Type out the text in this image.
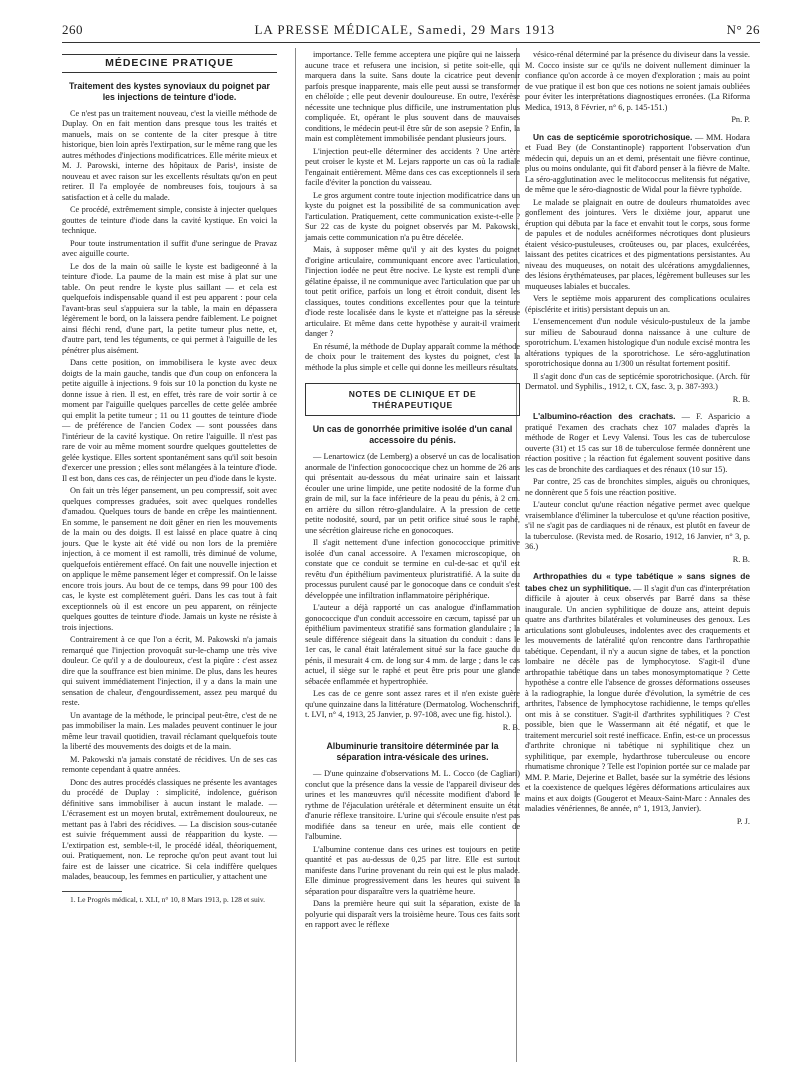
260	LA PRESSE MÉDICALE, Samedi, 29 Mars 1913	N° 26
MÉDECINE PRATIQUE
Traitement des kystes synoviaux du poignet par les injections de teinture d'iode.

Ce n'est pas un traitement nouveau, c'est la vieille méthode de Duplay. On en fait mention dans presque tous les traités et manuels, mais on se contente de la citer presque à titre historique, bien loin après l'extirpation, sur le même rang que les autres méthodes d'injections modificatrices. Elle mérite mieux et M. J. Parowski, interne des hôpitaux de Paris¹, insiste de nouveau et avec raison sur les excellents résultats qu'on en peut retirer. Il l'a employée de nombreuses fois, toujours à sa satisfaction et à celle du malade.

Ce procédé, extrêmement simple, consiste à injecter quelques gouttes de teinture d'iode dans la cavité kystique. En voici la technique.

Pour toute instrumentation il suffit d'une seringue de Pravaz avec aiguille courte.

Le dos de la main où saille le kyste est badigeonné à la teinture d'iode. La paume de la main est mise à plat sur une table. On peut rendre le kyste plus saillant — et cela est quelquefois indispensable quand il est peu apparent : pour cela l'avant-bras seul s'appuiera sur la table, la main en dépassera légèrement le bord, on la laissera pendre faiblement. Le poignet ainsi fléchi rend, d'une part, la petite tumeur plus nette, et, d'autre part, tend les téguments, ce qui permet à l'aiguille de les pénétrer plus aisément.

Dans cette position, on immobilisera le kyste avec deux doigts de la main gauche, tandis que d'un coup on enfoncera la petite aiguille à injections. 9 fois sur 10 la ponction du kyste ne donne issue à rien. Il est, en effet, très rare de voir sortir à ce moment par l'aiguille quelques parcelles de cette gelée ambrée qui emplit la petite tumeur ; 11 ou 11 gouttes de teinture d'iode — de préférence de l'ancien Codex — sont poussées dans l'intérieur de la cavité kystique. On retire l'aiguille. Il n'est pas rare de voir au même moment sourdre quelques gouttelettes de gelée kystique. Elles sortent spontanément sans qu'il soit besoin d'exercer une pression ; elles sont mélangées à la teinture d'iode. Il est bon, dans ces cas, de réinjecter un peu d'iode dans le kyste.

On fait un très léger pansement, un peu compressif, soit avec quelques compresses graduées, soit avec quelques rondelles d'amadou. Quelques tours de bande en crêpe les maintiennent. En somme, le pansement ne doit gêner en rien les mouvements de la main ou des doigts. Il est laissé en place quatre à cinq jours. Que le kyste ait été vidé ou non lors de la première injection, à ce moment il est ramolli, très diminué de volume, quelquefois entièrement effacé. On fait une nouvelle injection et on applique le même pansement léger et compressif. On le laisse encore trois jours. Au bout de ce temps, dans 99 pour 100 des cas, le kyste est complètement guéri. Dans les cas tout à fait exceptionnels où il est encore un peu apparent, on réinjecte quelques gouttes de teinture d'iode. Jamais un kyste ne résiste à trois injections.

Contrairement à ce que l'on a écrit, M. Pakowski n'a jamais remarqué que l'injection provoquât sur-le-champ une très vive douleur. Ce qu'il y a de douloureux, c'est la piqûre : c'est assez dire que la souffrance est bien minime. De plus, dans les heures qui suivent immédiatement l'injection, il y a dans la main une sensation de chaleur, d'engourdissement, assez peu marqué du reste.

Un avantage de la méthode, le principal peut-être, c'est de ne pas immobiliser la main. Les malades peuvent continuer le jour même leur travail quotidien, travail réclamant quelquefois toute la liberté des mouvements des doigts et de la main.

M. Pakowski n'a jamais constaté de récidives. Un de ses cas remonte cependant à quatre années.

Donc des autres procédés classiques ne présente les avantages du procédé de Duplay : simplicité, indolence, guérison définitive sans immobiliser à aucun instant le malade. — L'écrasement est un moyen brutal, extrêmement douloureux, ne mettant pas à l'abri des récidives. — La discision sous-cutanée est suivie fréquemment aussi de réapparition du kyste. — L'extirpation est, semble-t-il, le procédé idéal, théoriquement, oui. Pratiquement, non. Le reproche qu'on peut avant tout lui faire est de laisser une cicatrice. Si cela indiffère quelques malades, beaucoup, les femmes en particulier, y attachent une

1. Le Progrès médical, t. XLI, n° 10, 8 Mars 1913, p. 128 et suiv.

importance. Telle femme acceptera une piqûre qui ne laissera aucune trace et refusera une incision, si petite soit-elle, qui marquera dans la suite. Sans doute la cicatrice peut devenir parfois presque inapparente, mais elle peut aussi se transformer en chéloïde ; elle peut devenir douloureuse. En outre, l'exérèse nécessite une technique plus difficile, une instrumentation plus compliquée. Et, opérant le plus souvent dans de mauvaises conditions, le médecin peut-il être sûr de son asepsie ? Enfin, la main est complètement immobilisée pendant plusieurs jours.

L'injection peut-elle déterminer des accidents ? Une artère peut croiser le kyste et M. Lejars rapporte un cas où la radiale l'engainait entièrement. Même dans ces cas exceptionnels il sera facile d'éviter la ponction du vaisseau.

Le gros argument contre toute injection modificatrice dans un kyste du poignet est la possibilité de sa communication avec l'articulation. Pratiquement, cette communication existe-t-elle ? Sur 22 cas de kyste du poignet observés par M. Pakowski, jamais cette communication n'a pu être décelée.

Mais, à supposer même qu'il y ait des kystes du poignet d'origine articulaire, communiquant encore avec l'articulation, l'injection iodée ne peut être nocive. Le kyste est rempli d'une gélatine épaisse, il ne communique avec l'articulation que par un tout petit orifice, parfois un long et étroit conduit, disent les classiques, toutes conditions excellentes pour que la teinture d'iode reste localisée dans le kyste et n'atteigne pas la séreuse articulaire. Et même dans cette hypothèse y aurait-il vraiment danger ?

En résumé, la méthode de Duplay apparaît comme la méthode de choix pour le traitement des kystes du poignet, c'est la méthode la plus simple et celle qui donne les meilleurs résultats.

NOTES DE CLINIQUE ET DE THÉRAPEUTIQUE
Un cas de gonorrhée primitive isolée d'un canal accessoire du pénis.

— Lenartowicz (de Lemberg) a observé un cas de localisation anormale de l'infection gonococcique chez un homme de 26 ans qui présentait au-dessous du méat urinaire sain et laissant écouler une urine limpide, une petite nodosité de la forme d'un grain de mil, sur la face inférieure de la peau du pénis, à 2 cm. en arrière du sillon rétro-glandulaire. A la pression de cette petite nodosité, sourd, par un petit orifice situé sous le raphé, une sécrétion glaireuse riche en gonocoques.

Il s'agit nettement d'une infection gonococcique primitive isolée d'un canal accessoire. A l'examen microscopique, on constate que ce conduit se termine en cul-de-sac et qu'il est revêtu d'un épithélium pavimenteux pluristratifié. A la suite du processus purulent causé par le gonocoque dans ce conduit s'est développée une infiltration inflammatoire périphérique.

L'auteur a déjà rapporté un cas analogue d'inflammation gonococcique d'un conduit accessoire en cæcum, tapissé par un épithélium pavimenteux stratifié sans formation glandulaire ; la seule différence siégeait dans la situation du conduit : dans le 1er cas, le canal était latéralement situé sur la face gauche du pénis, il mesurait 4 cm. de long sur 4 mm. de large ; dans le cas actuel, il siège sur le raphé et peut être pris pour une glande sébacée enflammée et hypertrophiée.

Les cas de ce genre sont assez rares et il n'en existe guère qu'une quinzaine dans la littérature (Dermatolog. Wochenschrift, t. LVI, n° 4, 1913, 25 Janvier, p. 97-108, avec une fig. histol.).

R. B.
Albuminurie transitoire déterminée par la séparation intra-vésicale des urines.

— D'une quinzaine d'observations M. L. Cocco (de Cagliari) conclut que la présence dans la vessie de l'appareil diviseur des urines et les manœuvres qu'il nécessite modifient d'abord le rythme de l'éjaculation urétérale et déterminent ensuite un état d'anurie réflexe transitoire. L'urine qui s'écoule ensuite n'est pas modifiée dans sa teneur en urée, mais elle contient de l'albumine.

L'albumine contenue dans ces urines est toujours en petite quantité et pas au-dessus de 0,25 par litre. Elle est surtout manifeste dans l'urine provenant du rein qui est le plus malade. Elle diminue progressivement dans les heures qui suivent la séparation pour disparaître vers la quatrième heure.

Dans la première heure qui suit la séparation, existe de la polyurie qui disparaît vers la troisième heure. Tous ces faits sont en rapport avec le réflexe

vésico-rénal déterminé par la présence du diviseur dans la vessie. M. Cocco insiste sur ce qu'ils ne doivent nullement diminuer la confiance qu'on accorde à ce moyen d'exploration ; mais au point de vue pratique il est bon que ces notions ne soient jamais oubliées pour éviter les interprétations diagnostiques erronées. (La Riforma Medica, 1913, 8 Février, n° 6, p. 145-151.)

Pn. P.

Un cas de septicémie sporotrichosique. — MM. Hodara et Fuad Bey (de Constantinople) rapportent l'observation d'un médecin qui, depuis un an et demi, présentait une fièvre continue, plus ou moins ondulante, qui fit d'abord penser à la fièvre de Malte. La séro-agglutination avec le melitococcus melitensis fut négative, de même que le séro-diagnostic de Widal pour la fièvre typhoïde.

Le malade se plaignait en outre de douleurs rhumatoïdes avec gonflement des jointures. Vers le dixième jour, apparut une éruption qui débuta par la face et envahit tout le corps, sous forme de papules et de nodules acnéiformes nécrotiques dont plusieurs étaient vésico-pustuleuses, croûteuses ou, par places, exulcérées, laissant des petites cicatrices et des pigmentations persistantes. Au niveau des muqueuses, on notait des ulcérations amygdaliennes, des lésions érythémateuses, par places, légèrement bulleuses sur les muqueuses labiales et buccales.

Vers le septième mois apparurent des complications oculaires (épisclérite et iritis) persistant depuis un an.

L'ensemencement d'un nodule vésiculo-pustuleux de la jambe sur milieu de Sabouraud donna naissance à une culture de sporotrichum. L'examen histologique d'un nodule excisé montra les altérations typiques de la sporotrichose. Le séro-agglutination sporotrichosique donna au 1/300 un résultat fortement positif.

Il s'agit donc d'un cas de septicémie sporotrichosique. (Arch. für Dermatol. und Syphilis., 1912, t. CX, fasc. 3, p. 387-393.)

R. B.

L'albumino-réaction des crachats. — F. Asparicio a pratiqué l'examen des crachats chez 107 malades d'après la méthode de Roger et Levy Valensi. Tous les cas de tuberculose ouverte (31) et 15 cas sur 18 de tuberculose fermée donnèrent une réaction positive ; la réaction fut également souvent positive dans les cas de bronchite des cardiaques et des rénaux (10 sur 15).

Par contre, 25 cas de bronchites simples, aiguës ou chroniques, ne donnèrent que 5 fois une réaction positive.

L'auteur conclut qu'une réaction négative permet avec quelque vraisemblance d'éliminer la tuberculose et qu'une réaction positive, s'il ne s'agit pas de cardiaques ni de rénaux, est plutôt en faveur de la tuberculose. (Revista med. de Rosario, 1912, 16 Janvier, n° 3, p. 36.)

R. B.

Arthropathies du « type tabétique » sans signes de tabes chez un syphilitique. — Il s'agit d'un cas d'interprétation difficile à ajouter à ceux observés par Barré dans sa thèse inaugurale. Un ancien syphilitique de douze ans, atteint depuis quatre ans d'arthrites bilatérales et volumineuses des genoux. Les articulations sont globuleuses, indolentes avec des craquements et les mouvements de latéralité qu'on rencontre dans l'arthropathie tabétique. Cependant, il n'y a aucun signe de tabes, et la ponction lombaire ne décèle pas de lymphocytose. S'agit-il d'une arthropathie tabétique dans un tabes monosymptomatique ? Cette hypothèse a contre elle l'absence de grosses déformations osseuses à la radiographie, la longue durée d'évolution, la symétrie de ces arthrites, l'absence de lymphocytose rachidienne, le temps qu'elles ont mis à se constituer. S'agit-il d'arthrites syphilitiques ? C'est possible, bien que le Wassermann ait été négatif, et que le traitement mercuriel soit resté inefficace. Enfin, est-ce un processus d'arthrite chronique ni tabétique ni syphilitique chez un syphilitique, par exemple, hydarthrose tuberculeuse ou encore rhumatisme chronique ? Telle est l'opinion portée sur ce malade par MM. P. Marie, Dejerine et Ballet, basée sur la symétrie des lésions et la coexistence de quelques légères déformations articulaires aux mains et aux doigts (Gougerot et Meaux-Saint-Marc : Annales des maladies vénériennes, 8e année, n° 1, 1913, Janvier).

P. J.
